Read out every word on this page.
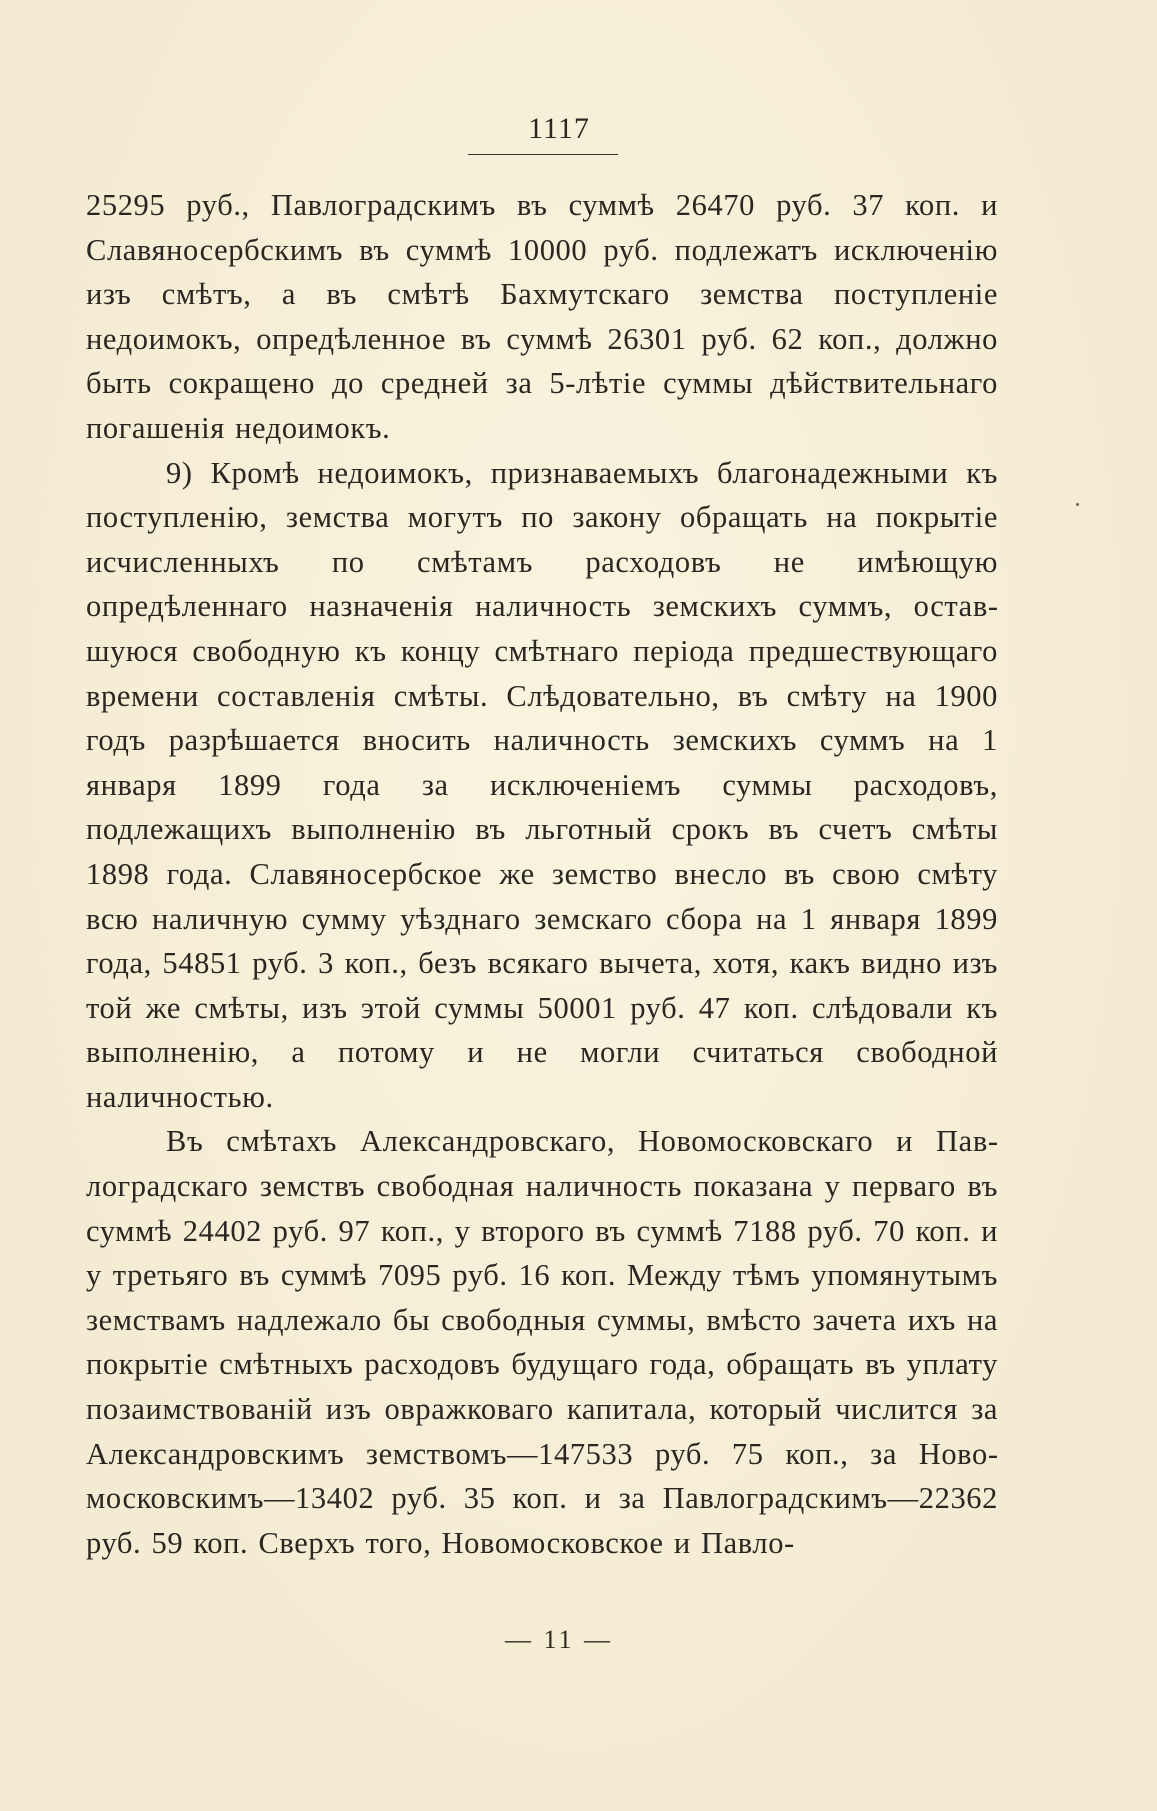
1117

25295 руб., Павлоградскимъ въ суммѣ 26470 руб. 37 коп. и Славяносербскимъ въ суммѣ 10000 руб. подлежатъ исключенію изъ смѣтъ, а въ смѣтѣ Бахмутскаго земства поступленіе недоимокъ, опредѣленное въ суммѣ 26301 руб. 62 коп., должно быть сокращено до средней за 5-лѣтіе суммы дѣйствительнаго погашенія недоимокъ.

9) Кромѣ недоимокъ, признаваемыхъ благонадежными къ поступленію, земства могутъ по закону обращать на покрытіе исчисленныхъ по смѣтамъ расходовъ не имѣющую опредѣленнаго назначенія наличность земскихъ суммъ, оставшуюся свободную къ концу смѣтнаго періода предшествующаго времени составленія смѣты. Слѣдовательно, въ смѣту на 1900 годъ разрѣшается вносить наличность земскихъ суммъ на 1 января 1899 года за исключеніемъ суммы расходовъ, подлежащихъ выполненію въ льготный срокъ въ счетъ смѣты 1898 года. Славяносербское же земство внесло въ свою смѣту всю наличную сумму уѣзднаго земскаго сбора на 1 января 1899 года, 54851 руб. 3 коп., безъ всякаго вычета, хотя, какъ видно изъ той же смѣты, изъ этой суммы 50001 руб. 47 коп. слѣдовали къ выполненію, а потому и не могли считаться свободной наличностью.

Въ смѣтахъ Александровскаго, Новомосковскаго и Павлоградскаго земствъ свободная наличность показана у перваго въ суммѣ 24402 руб. 97 коп., у второго въ суммѣ 7188 руб. 70 коп. и у третьяго въ суммѣ 7095 руб. 16 коп. Между тѣмъ упомянутымъ земствамъ надлежало бы свободныя суммы, вмѣсто зачета ихъ на покрытіе смѣтныхъ расходовъ будущаго года, обращать въ уплату позаимствованій изъ овражковаго капитала, который числится за Александровскимъ земствомъ—147533 руб. 75 коп., за Новомосковскимъ—13402 руб. 35 коп. и за Павлоградскимъ—22362 руб. 59 коп. Сверхъ того, Новомосковское и Павло-

— 11 —
